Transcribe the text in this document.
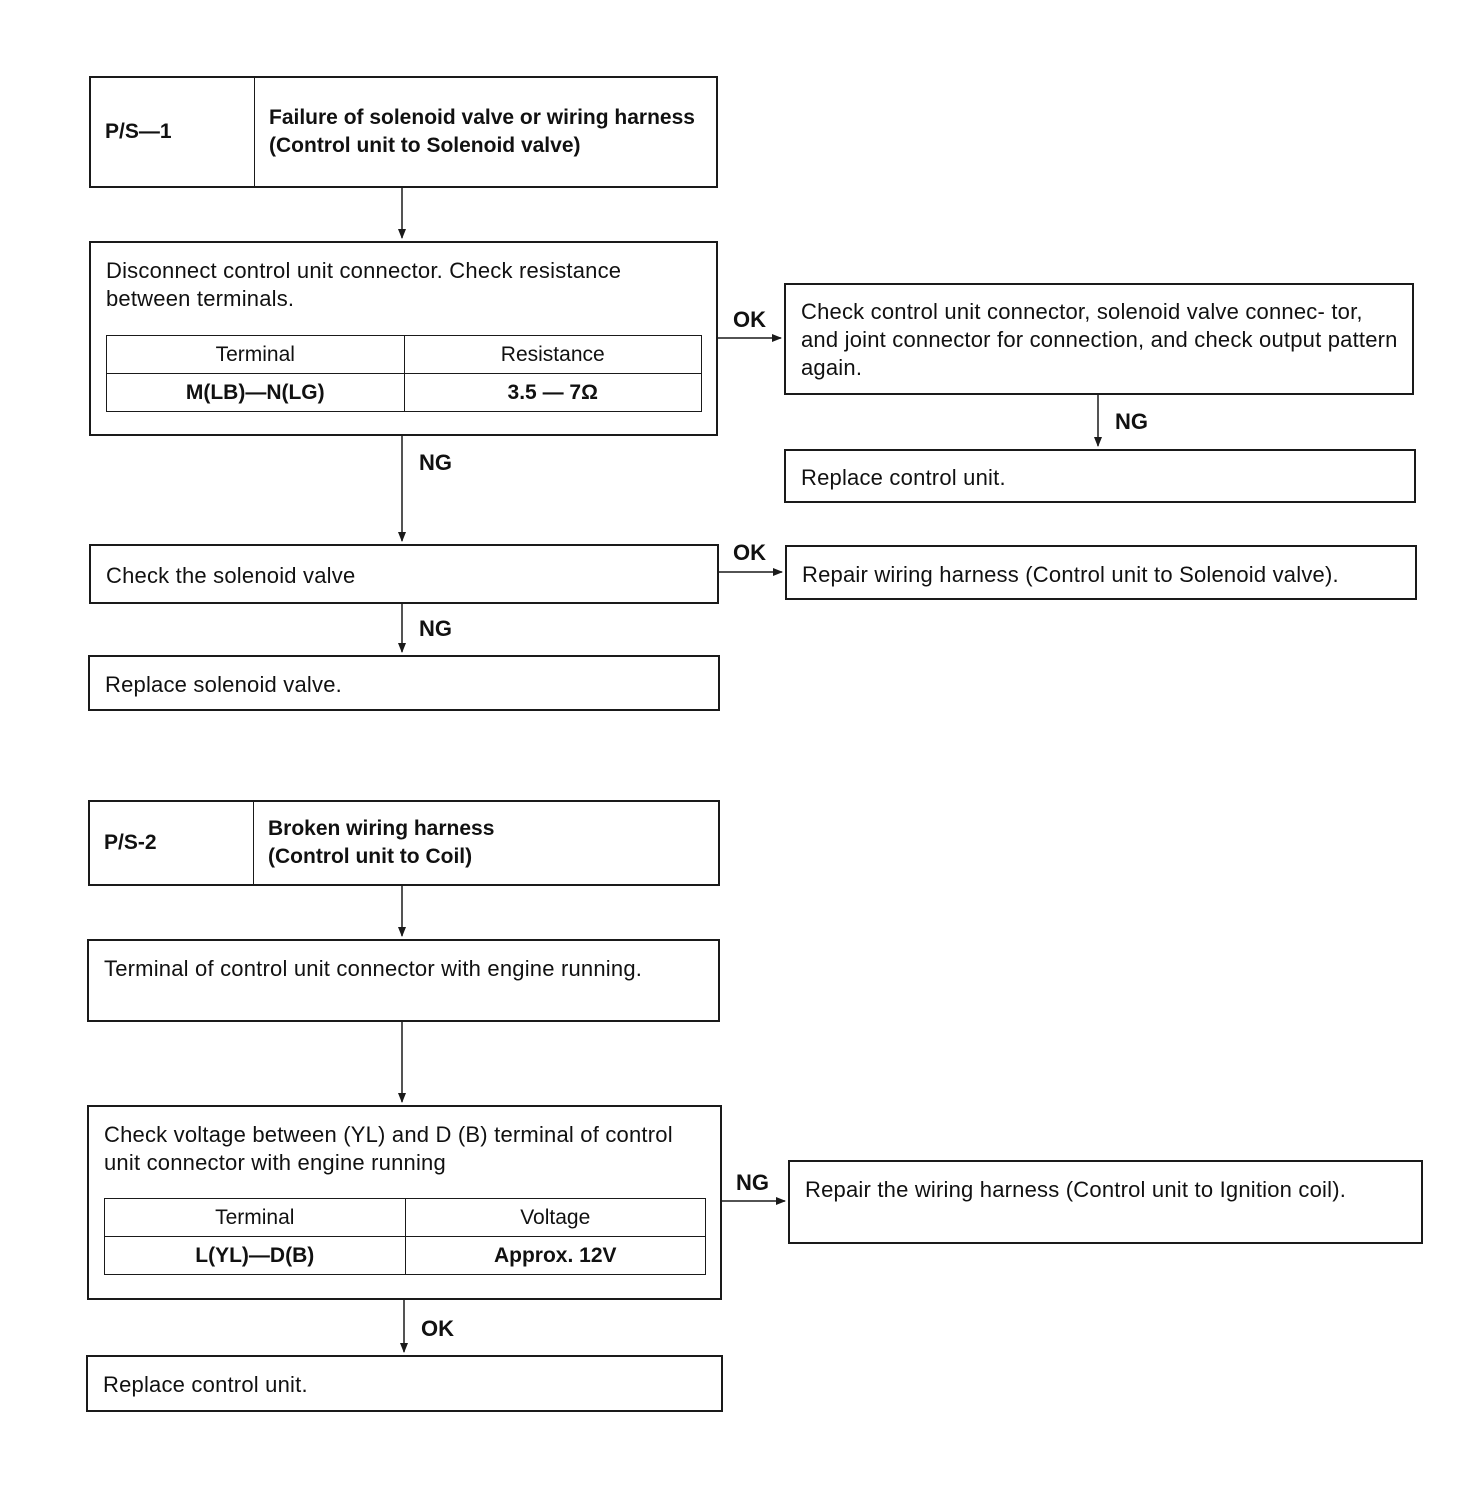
P/S—1
Failure of solenoid valve or wiring harness (Control unit to Solenoid valve)
Disconnect control unit connector. Check resistance between terminals.
Terminal	Resistance
M(LB)—N(LG)	3.5 — 7Ω
OK Check control unit connector, solenoid valve connec- tor, and joint connector for connection, and check output pattern again.
NG
Replace control unit.
NG
Check the solenoid valve
OK
Repair wiring harness (Control unit to Solenoid valve).
NG
Replace solenoid valve.
P/S-2
Broken wiring harness
(Control unit to Coil)
Terminal of control unit connector with engine running.
Check voltage between (YL) and D (B) terminal of control unit connector with engine running
Terminal	Voltage
L(YL)—D(B)	Approx. 12V
NG Repair the wiring harness (Control unit to Ignition coil).
OK
Replace control unit.
